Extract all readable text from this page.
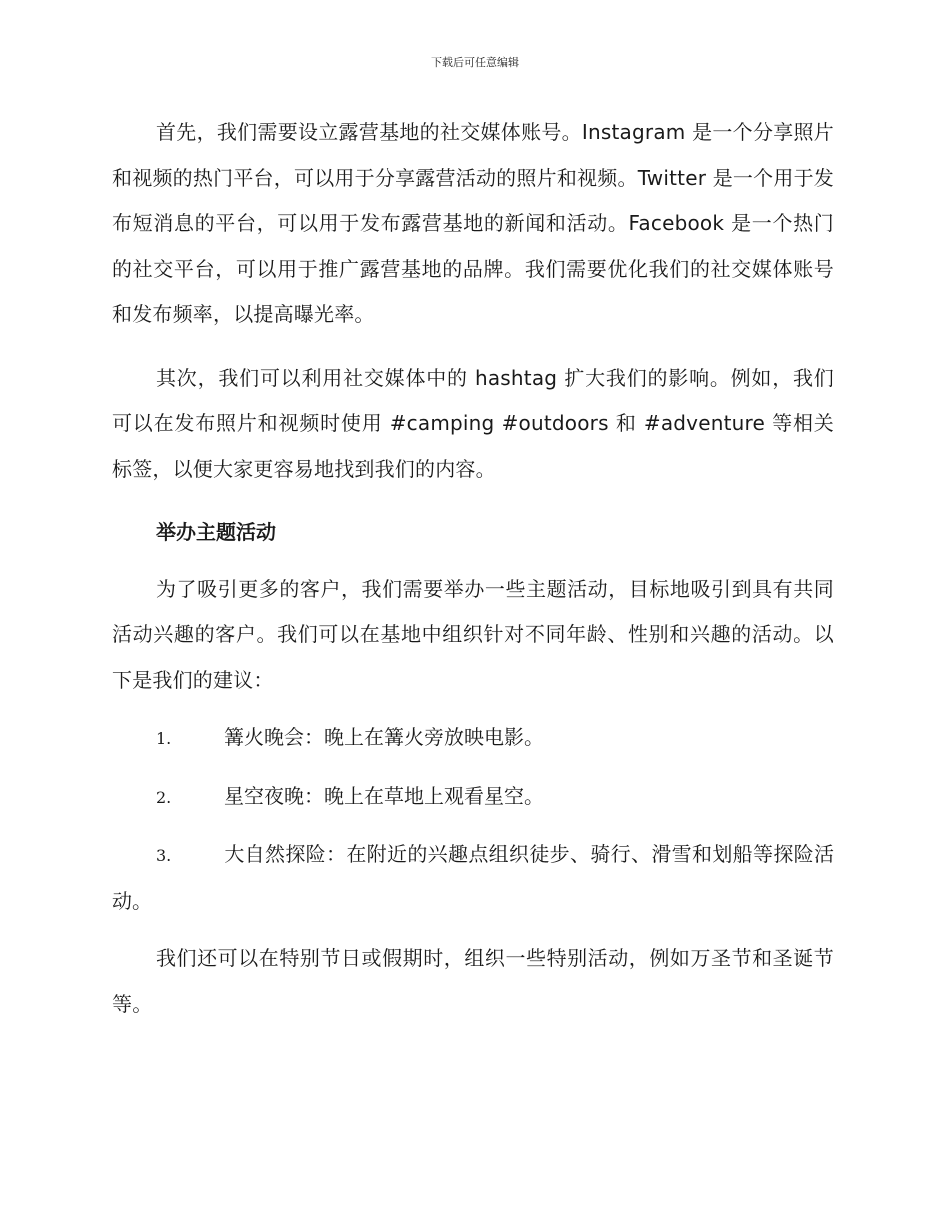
下载后可任意编辑

首先，我们需要设立露营基地的社交媒体账号。Instagram 是一个分享照片和视频的热门平台，可以用于分享露营活动的照片和视频。Twitter 是一个用于发布短消息的平台，可以用于发布露营基地的新闻和活动。Facebook 是一个热门的社交平台，可以用于推广露营基地的品牌。我们需要优化我们的社交媒体账号和发布频率，以提高曝光率。

其次，我们可以利用社交媒体中的 hashtag 扩大我们的影响。例如，我们可以在发布照片和视频时使用 #camping #outdoors 和 #adventure 等相关标签，以便大家更容易地找到我们的内容。

举办主题活动

为了吸引更多的客户，我们需要举办一些主题活动，目标地吸引到具有共同活动兴趣的客户。我们可以在基地中组织针对不同年龄、性别和兴趣的活动。以下是我们的建议：

1.	篝火晚会：晚上在篝火旁放映电影。
2.	星空夜晚：晚上在草地上观看星空。
3.	大自然探险：在附近的兴趣点组织徒步、骑行、滑雪和划船等探险活动。

我们还可以在特别节日或假期时，组织一些特别活动，例如万圣节和圣诞节等。
